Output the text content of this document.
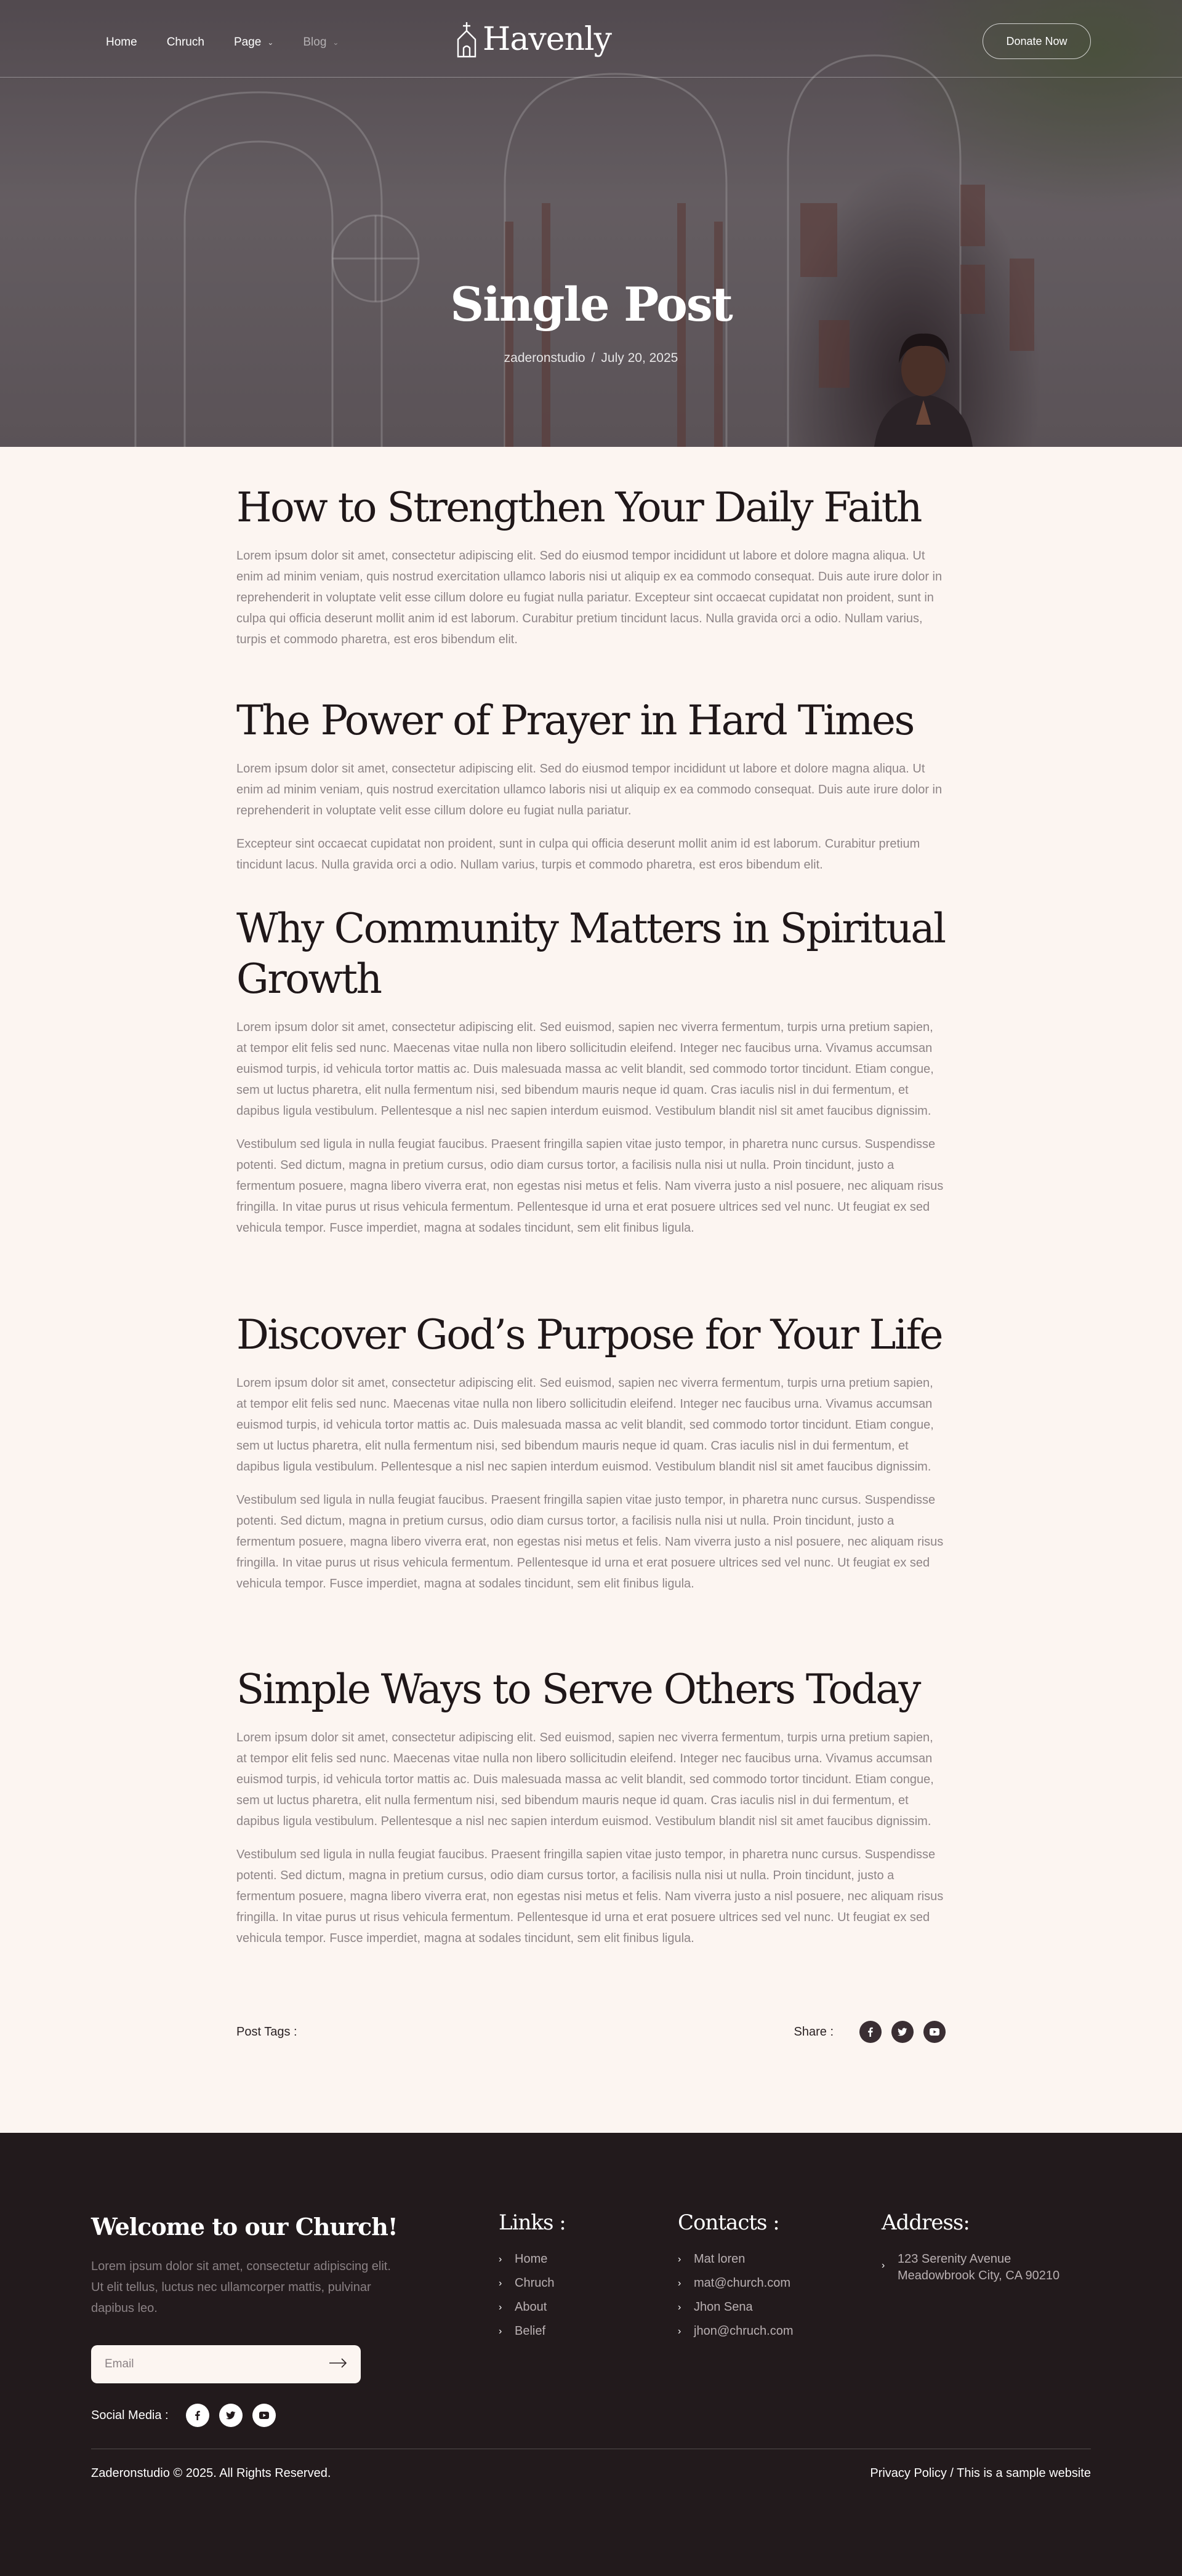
Home	Chruch	Page ⌄	Blog ⌄	Havenly	Donate Now
Single Post
zaderonstudio / July 20, 2025
How to Strengthen Your Daily Faith

Lorem ipsum dolor sit amet, consectetur adipiscing elit. Sed do eiusmod tempor incididunt ut labore et dolore magna aliqua. Ut enim ad minim veniam, quis nostrud exercitation ullamco laboris nisi ut aliquip ex ea commodo consequat. Duis aute irure dolor in reprehenderit in voluptate velit esse cillum dolore eu fugiat nulla pariatur. Excepteur sint occaecat cupidatat non proident, sunt in culpa qui officia deserunt mollit anim id est laborum. Curabitur pretium tincidunt lacus. Nulla gravida orci a odio. Nullam varius, turpis et commodo pharetra, est eros bibendum elit.

The Power of Prayer in Hard Times

Lorem ipsum dolor sit amet, consectetur adipiscing elit. Sed do eiusmod tempor incididunt ut labore et dolore magna aliqua. Ut enim ad minim veniam, quis nostrud exercitation ullamco laboris nisi ut aliquip ex ea commodo consequat. Duis aute irure dolor in reprehenderit in voluptate velit esse cillum dolore eu fugiat nulla pariatur.

Excepteur sint occaecat cupidatat non proident, sunt in culpa qui officia deserunt mollit anim id est laborum. Curabitur pretium tincidunt lacus. Nulla gravida orci a odio. Nullam varius, turpis et commodo pharetra, est eros bibendum elit.

Why Community Matters in Spiritual Growth

Lorem ipsum dolor sit amet, consectetur adipiscing elit. Sed euismod, sapien nec viverra fermentum, turpis urna pretium sapien, at tempor elit felis sed nunc. Maecenas vitae nulla non libero sollicitudin eleifend. Integer nec faucibus urna. Vivamus accumsan euismod turpis, id vehicula tortor mattis ac. Duis malesuada massa ac velit blandit, sed commodo tortor tincidunt. Etiam congue, sem ut luctus pharetra, elit nulla fermentum nisi, sed bibendum mauris neque id quam. Cras iaculis nisl in dui fermentum, et dapibus ligula vestibulum. Pellentesque a nisl nec sapien interdum euismod. Vestibulum blandit nisl sit amet faucibus dignissim.

Vestibulum sed ligula in nulla feugiat faucibus. Praesent fringilla sapien vitae justo tempor, in pharetra nunc cursus. Suspendisse potenti. Sed dictum, magna in pretium cursus, odio diam cursus tortor, a facilisis nulla nisi ut nulla. Proin tincidunt, justo a fermentum posuere, magna libero viverra erat, non egestas nisi metus et felis. Nam viverra justo a nisl posuere, nec aliquam risus fringilla. In vitae purus ut risus vehicula fermentum. Pellentesque id urna et erat posuere ultrices sed vel nunc. Ut feugiat ex sed vehicula tempor. Fusce imperdiet, magna at sodales tincidunt, sem elit finibus ligula.

Discover God’s Purpose for Your Life

Lorem ipsum dolor sit amet, consectetur adipiscing elit. Sed euismod, sapien nec viverra fermentum, turpis urna pretium sapien, at tempor elit felis sed nunc. Maecenas vitae nulla non libero sollicitudin eleifend. Integer nec faucibus urna. Vivamus accumsan euismod turpis, id vehicula tortor mattis ac. Duis malesuada massa ac velit blandit, sed commodo tortor tincidunt. Etiam congue, sem ut luctus pharetra, elit nulla fermentum nisi, sed bibendum mauris neque id quam. Cras iaculis nisl in dui fermentum, et dapibus ligula vestibulum. Pellentesque a nisl nec sapien interdum euismod. Vestibulum blandit nisl sit amet faucibus dignissim.

Vestibulum sed ligula in nulla feugiat faucibus. Praesent fringilla sapien vitae justo tempor, in pharetra nunc cursus. Suspendisse potenti. Sed dictum, magna in pretium cursus, odio diam cursus tortor, a facilisis nulla nisi ut nulla. Proin tincidunt, justo a fermentum posuere, magna libero viverra erat, non egestas nisi metus et felis. Nam viverra justo a nisl posuere, nec aliquam risus fringilla. In vitae purus ut risus vehicula fermentum. Pellentesque id urna et erat posuere ultrices sed vel nunc. Ut feugiat ex sed vehicula tempor. Fusce imperdiet, magna at sodales tincidunt, sem elit finibus ligula.

Simple Ways to Serve Others Today

Lorem ipsum dolor sit amet, consectetur adipiscing elit. Sed euismod, sapien nec viverra fermentum, turpis urna pretium sapien, at tempor elit felis sed nunc. Maecenas vitae nulla non libero sollicitudin eleifend. Integer nec faucibus urna. Vivamus accumsan euismod turpis, id vehicula tortor mattis ac. Duis malesuada massa ac velit blandit, sed commodo tortor tincidunt. Etiam congue, sem ut luctus pharetra, elit nulla fermentum nisi, sed bibendum mauris neque id quam. Cras iaculis nisl in dui fermentum, et dapibus ligula vestibulum. Pellentesque a nisl nec sapien interdum euismod. Vestibulum blandit nisl sit amet faucibus dignissim.

Vestibulum sed ligula in nulla feugiat faucibus. Praesent fringilla sapien vitae justo tempor, in pharetra nunc cursus. Suspendisse potenti. Sed dictum, magna in pretium cursus, odio diam cursus tortor, a facilisis nulla nisi ut nulla. Proin tincidunt, justo a fermentum posuere, magna libero viverra erat, non egestas nisi metus et felis. Nam viverra justo a nisl posuere, nec aliquam risus fringilla. In vitae purus ut risus vehicula fermentum. Pellentesque id urna et erat posuere ultrices sed vel nunc. Ut feugiat ex sed vehicula tempor. Fusce imperdiet, magna at sodales tincidunt, sem elit finibus ligula.

Post Tags :	Share :
Welcome to our Church!

Lorem ipsum dolor sit amet, consectetur adipiscing elit. Ut elit tellus, luctus nec ullamcorper mattis, pulvinar dapibus leo.

Email
Social Media :
Links :
›	Home
›	Chruch
›	About
›	Belief
Contacts :
›	Mat loren
›	mat@church.com
›	Jhon Sena
›	jhon@chruch.com
Address:
›	123 Serenity Avenue Meadowbrook City, CA 90210
Zaderonstudio © 2025. All Rights Reserved.	Privacy Policy / This is a sample website
